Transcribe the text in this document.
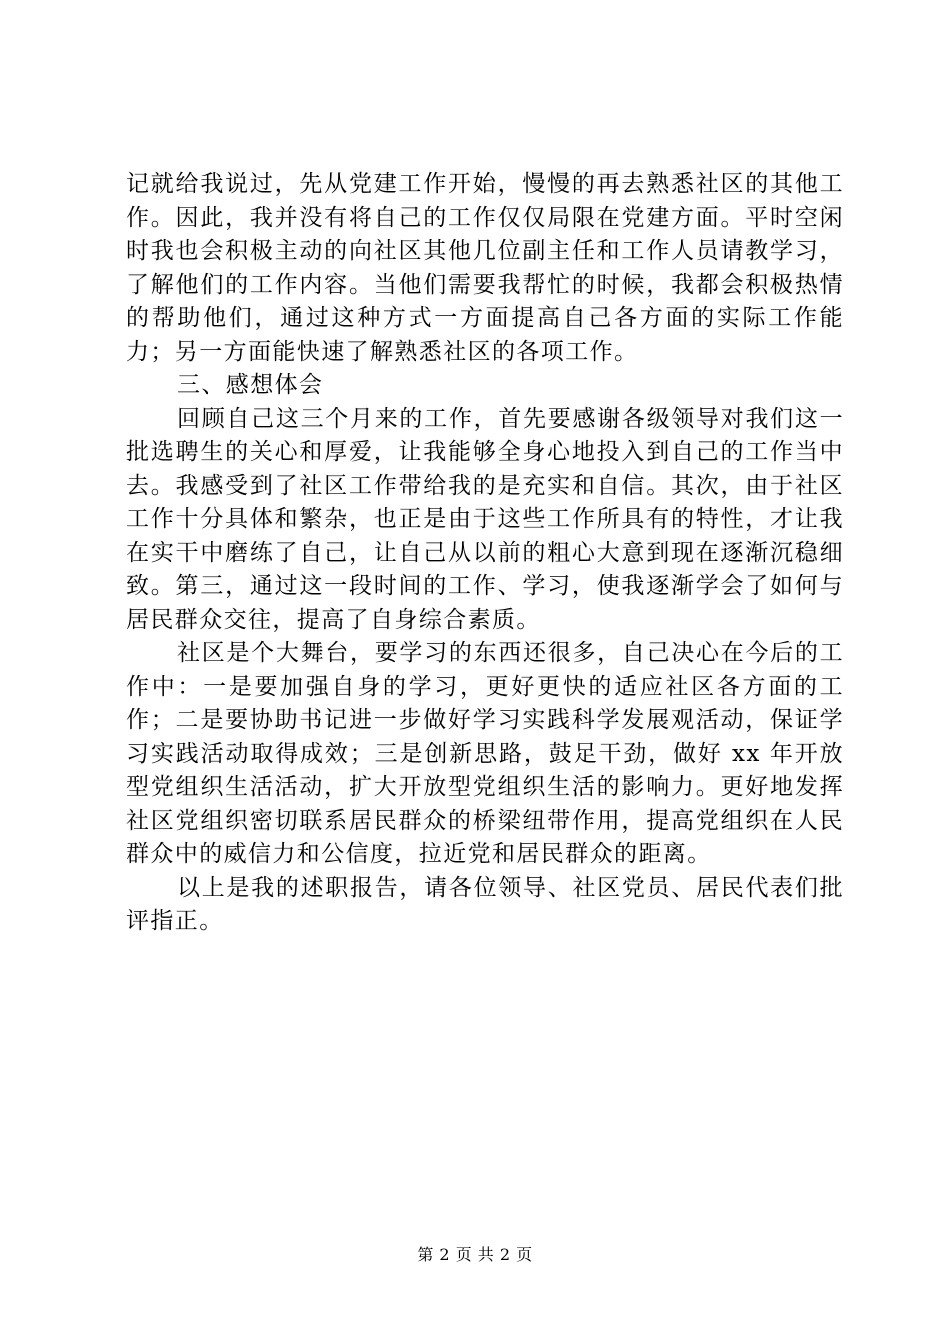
记就给我说过，先从党建工作开始，慢慢的再去熟悉社区的其他工作。因此，我并没有将自己的工作仅仅局限在党建方面。平时空闲时我也会积极主动的向社区其他几位副主任和工作人员请教学习，了解他们的工作内容。当他们需要我帮忙的时候，我都会积极热情的帮助他们，通过这种方式一方面提高自己各方面的实际工作能力；另一方面能快速了解熟悉社区的各项工作。

三、感想体会

回顾自己这三个月来的工作，首先要感谢各级领导对我们这一批选聘生的关心和厚爱，让我能够全身心地投入到自己的工作当中去。我感受到了社区工作带给我的是充实和自信。其次，由于社区工作十分具体和繁杂，也正是由于这些工作所具有的特性，才让我在实干中磨练了自己，让自己从以前的粗心大意到现在逐渐沉稳细致。第三，通过这一段时间的工作、学习，使我逐渐学会了如何与居民群众交往，提高了自身综合素质。

社区是个大舞台，要学习的东西还很多，自己决心在今后的工作中：一是要加强自身的学习，更好更快的适应社区各方面的工作；二是要协助书记进一步做好学习实践科学发展观活动，保证学习实践活动取得成效；三是创新思路，鼓足干劲，做好 xx 年开放型党组织生活活动，扩大开放型党组织生活的影响力。更好地发挥社区党组织密切联系居民群众的桥梁纽带作用，提高党组织在人民群众中的威信力和公信度，拉近党和居民群众的距离。

以上是我的述职报告，请各位领导、社区党员、居民代表们批评指正。

第 2 页 共 2 页
